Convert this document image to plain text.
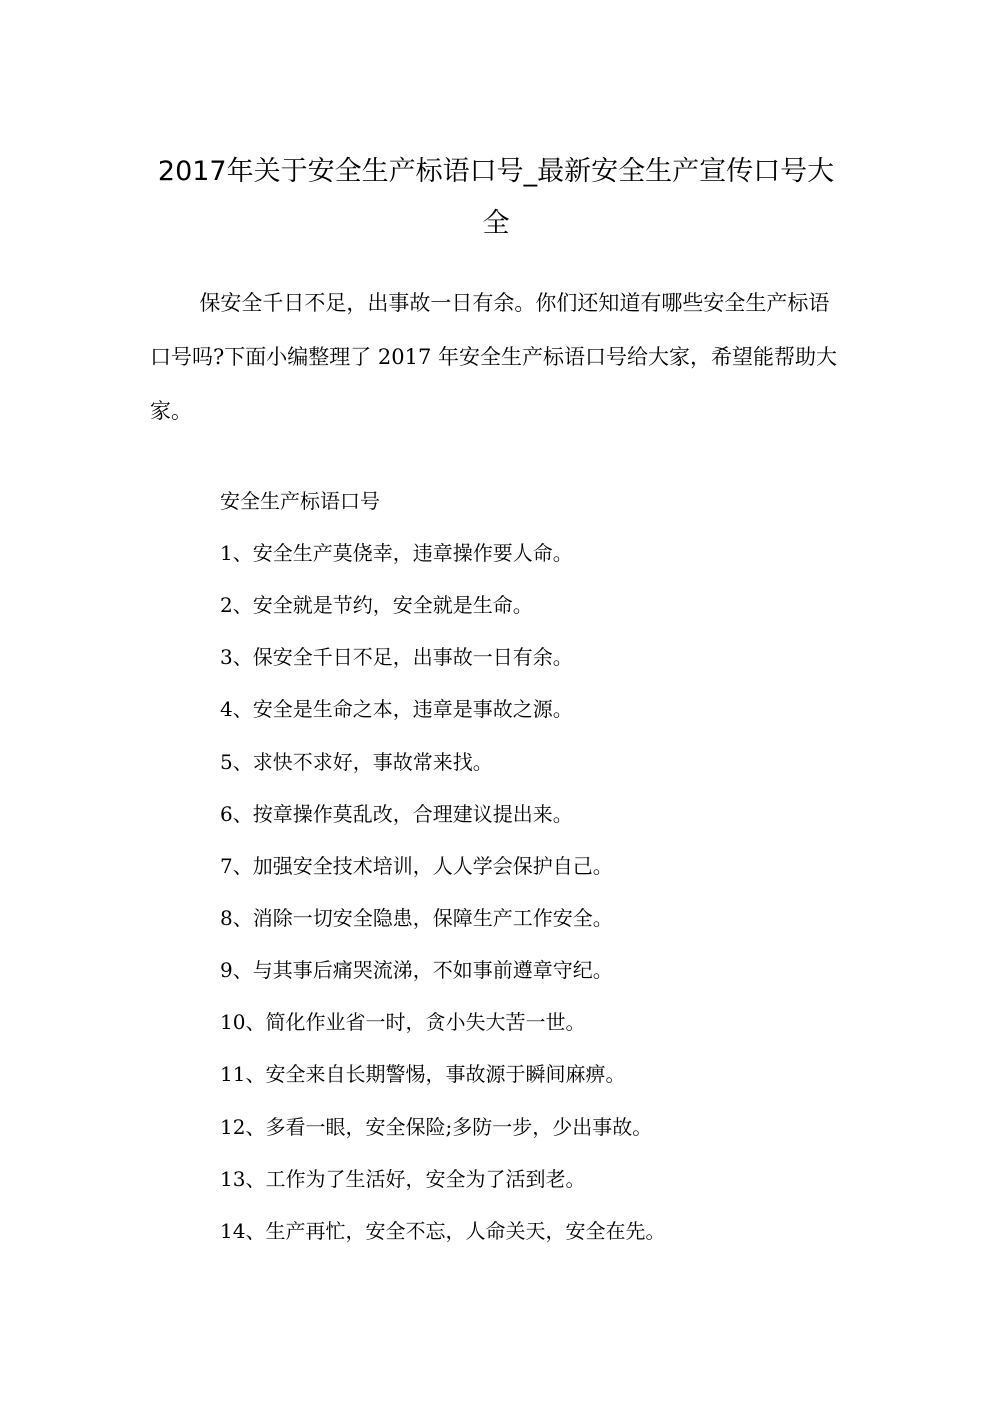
2017年关于安全生产标语口号_最新安全生产宣传口号大全

保安全千日不足，出事故一日有余。你们还知道有哪些安全生产标语口号吗?下面小编整理了 2017 年安全生产标语口号给大家，希望能帮助大家。

安全生产标语口号
1、安全生产莫侥幸，违章操作要人命。
2、安全就是节约，安全就是生命。
3、保安全千日不足，出事故一日有余。
4、安全是生命之本，违章是事故之源。
5、求快不求好，事故常来找。
6、按章操作莫乱改，合理建议提出来。
7、加强安全技术培训，人人学会保护自己。
8、消除一切安全隐患，保障生产工作安全。
9、与其事后痛哭流涕，不如事前遵章守纪。
10、简化作业省一时，贪小失大苦一世。
11、安全来自长期警惕，事故源于瞬间麻痹。
12、多看一眼，安全保险;多防一步，少出事故。
13、工作为了生活好，安全为了活到老。
14、生产再忙，安全不忘，人命关天，安全在先。
